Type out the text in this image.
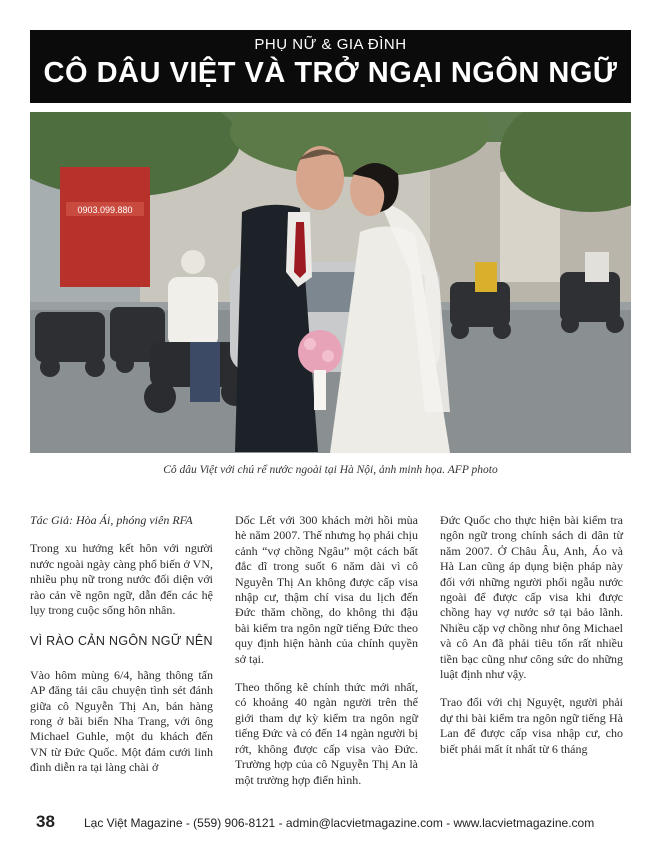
PHỤ NỮ & GIA ĐÌNH
CÔ DÂU VIỆT VÀ TRỞ NGẠI NGÔN NGỮ
0903.099.880
Cô dâu Việt với chú rể nước ngoài tại Hà Nội, ảnh minh họa. AFP photo

Tác Giả: Hòa Ái, phóng viên RFA

Trong xu hướng kết hôn với người nước ngoài ngày càng phổ biến ở VN, nhiều phụ nữ trong nước đối diện với rào cản về ngôn ngữ, dẫn đến các hệ lụy trong cuộc sống hôn nhân.

VÌ RÀO CẢN NGÔN NGỮ NÊN

Vào hôm mùng 6/4, hãng thông tấn AP đăng tải câu chuyện tình sét đánh giữa cô Nguyễn Thị An, bán hàng rong ở bãi biển Nha Trang, với ông Michael Guhle, một du khách đến VN từ Đức Quốc. Một đám cưới linh đình diễn ra tại làng chài ở

Dốc Lết với 300 khách mời hồi mùa hè năm 2007. Thế nhưng họ phải chịu cảnh “vợ chồng Ngâu” một cách bất đắc dĩ trong suốt 6 năm dài vì cô Nguyễn Thị An không được cấp visa nhập cư, thậm chí visa du lịch đến Đức thăm chồng, do không thi đậu bài kiểm tra ngôn ngữ tiếng Đức theo quy định hiện hành của chính quyền sở tại.

Theo thống kê chính thức mới nhất, có khoảng 40 ngàn người trên thế giới tham dự kỳ kiểm tra ngôn ngữ tiếng Đức và có đến 14 ngàn người bị rớt, không được cấp visa vào Đức. Trường hợp của cô Nguyễn Thị An là một trường hợp điển hình.

Đức Quốc cho thực hiện bài kiểm tra ngôn ngữ trong chính sách di dân từ năm 2007. Ở Châu Âu, Anh, Áo và Hà Lan cũng áp dụng biện pháp này đối với những người phối ngẫu nước ngoài để được cấp visa khi được chồng hay vợ nước sở tại bảo lãnh. Nhiều cặp vợ chồng như ông Michael và cô An đã phải tiêu tốn rất nhiều tiền bạc cũng như công sức do những luật định như vậy.

Trao đổi với chị Nguyệt, người phải dự thi bài kiểm tra ngôn ngữ tiếng Hà Lan để được cấp visa nhập cư, cho biết phải mất ít nhất từ 6 tháng

38 Lạc Việt Magazine - (559) 906-8121 - admin@lacvietmagazine.com - www.lacvietmagazine.com
